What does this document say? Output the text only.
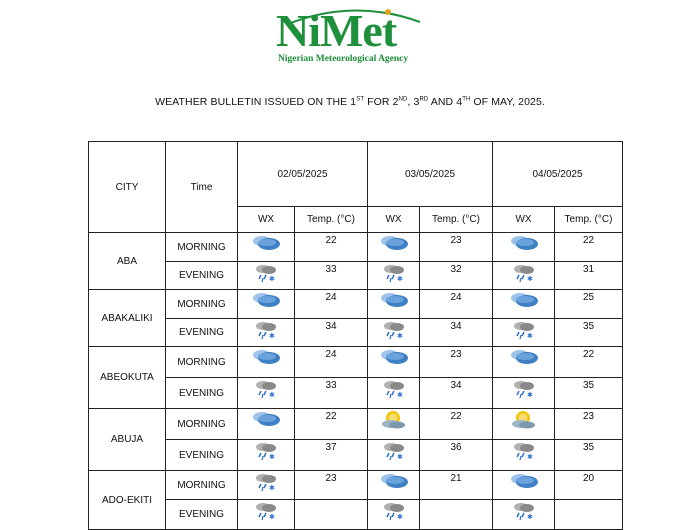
NiMet
Nigerian Meteorological Agency
WEATHER BULLETIN ISSUED ON THE 1ST FOR 2ND, 3RD AND 4TH OF MAY, 2025.
CITY	Time	02/05/2025		03/05/2025		04/05/2025	
		WX	Temp. (°C)	WX	Temp. (°C)	WX	Temp. (°C)
ABA	MORNING		22		23		22
	EVENING	✱	33	✱	32	✱	31
ABAKALIKI	MORNING		24		24		25
	EVENING	✱	34	✱	34	✱	35
ABEOKUTA	MORNING		24		23		22
	EVENING	✱	33	✱	34	✱	35
ABUJA	MORNING		22		22		23
	EVENING	✱	37	✱	36	✱	35
ADO-EKITI	MORNING	✱	23		21		20
	EVENING	✱		✱		✱	
